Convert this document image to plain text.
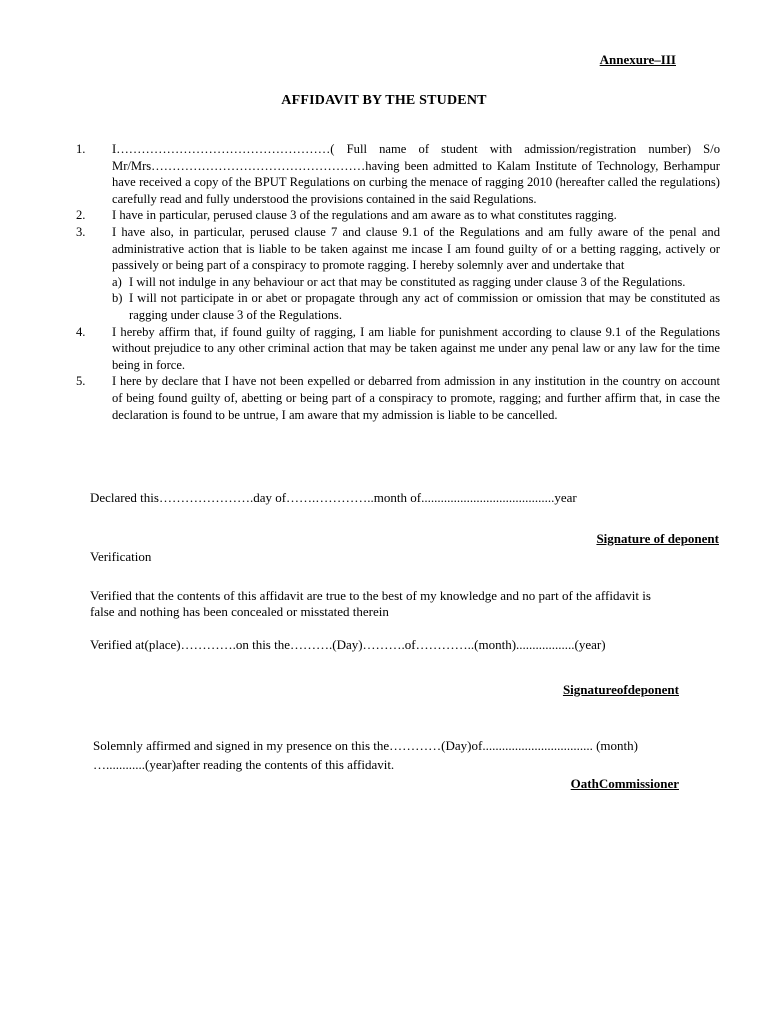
Annexure–III
AFFIDAVIT BY THE STUDENT
1.	I……………………………………………( Full name of student with admission/registration number) S/o Mr/Mrs……………………………………………having been admitted to Kalam Institute of Technology, Berhampur have received a copy of the BPUT Regulations on curbing the menace of ragging 2010 (hereafter called the regulations) carefully read and fully understood the provisions contained in the said Regulations.
2.	I have in particular, perused clause 3 of the regulations and am aware as to what constitutes ragging.
3.	I have also, in particular, perused clause 7 and clause 9.1 of the Regulations and am fully aware of the penal and administrative action that is liable to be taken against me incase I am found guilty of or a betting ragging, actively or passively or being part of a conspiracy to promote ragging. I hereby solemnly aver and undertake that
a) I will not indulge in any behaviour or act that may be constituted as ragging under clause 3 of the Regulations.
b) I will not participate in or abet or propagate through any act of commission or omission that may be constituted as ragging under clause 3 of the Regulations.
4.	I hereby affirm that, if found guilty of ragging, I am liable for punishment according to clause 9.1 of the Regulations without prejudice to any other criminal action that may be taken against me under any penal law or any law for the time being in force.
5.	I here by declare that I have not been expelled or debarred from admission in any institution in the country on account of being found guilty of, abetting or being part of a conspiracy to promote, ragging; and further affirm that, in case the declaration is found to be untrue, I am aware that my admission is liable to be cancelled.
Declared this………………….day of…….…………..month of.........................................year
Signature of deponent
Verification
Verified that the contents of this affidavit are true to the best of my knowledge and no part of the affidavit is
false and nothing has been concealed or misstated therein
Verified at(place)………….on this the……….(Day)……….of…………..(month)..................(year)
Signatureofdeponent
Solemnly affirmed and signed in my presence on this the…………(Day)of.................................. (month)
…............(year)after reading the contents of this affidavit.
OathCommissioner
